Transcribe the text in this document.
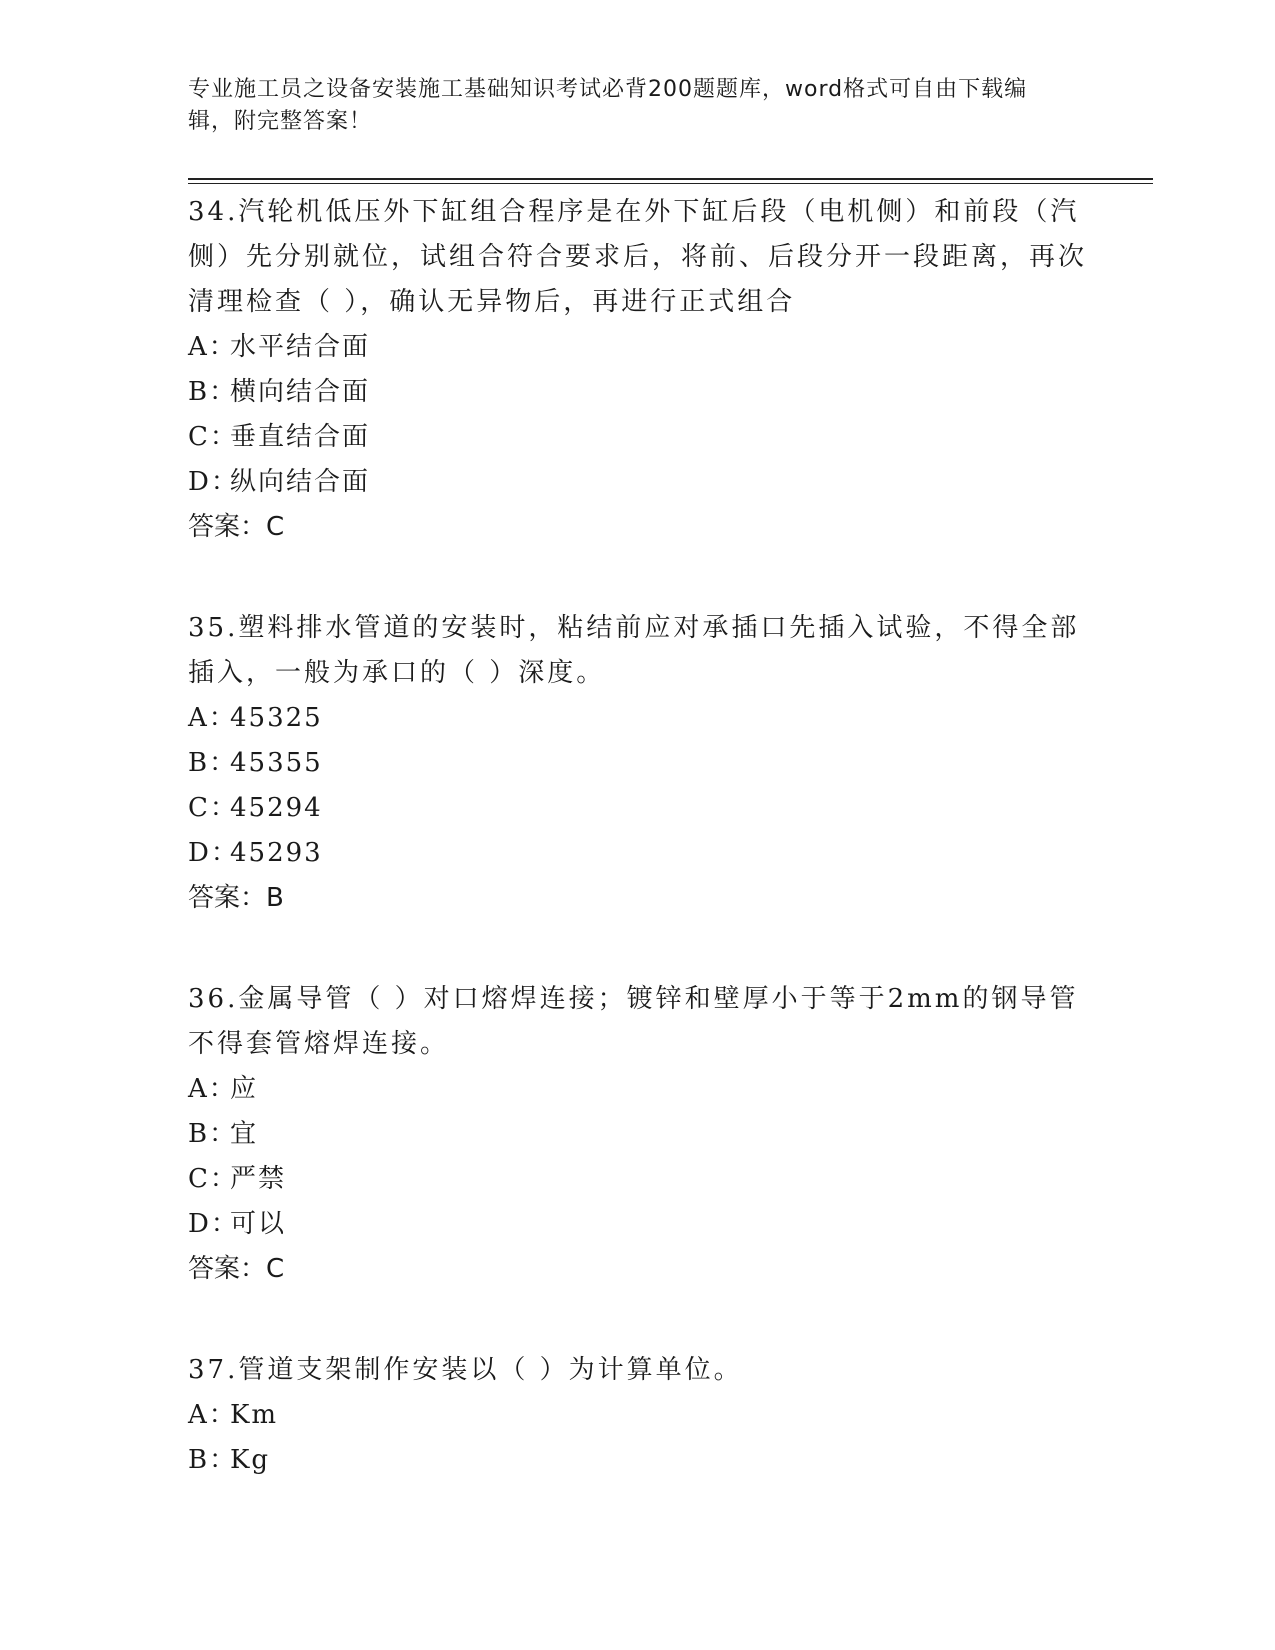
专业施工员之设备安装施工基础知识考试必背200题题库，word格式可自由下载编辑，附完整答案！
34.汽轮机低压外下缸组合程序是在外下缸后段（电机侧）和前段（汽侧）先分别就位，试组合符合要求后，将前、后段分开一段距离，再次清理检查（ ），确认无异物后，再进行正式组合
A：水平结合面
B：横向结合面
C：垂直结合面
D：纵向结合面
答案：C
35.塑料排水管道的安装时，粘结前应对承插口先插入试验，不得全部插入，一般为承口的（ ）深度。
A：45325
B：45355
C：45294
D：45293
答案：B
36.金属导管（ ）对口熔焊连接；镀锌和壁厚小于等于2mm的钢导管不得套管熔焊连接。
A：应
B：宜
C：严禁
D：可以
答案：C
37.管道支架制作安装以（ ）为计算单位。
A：Km
B：Kg
